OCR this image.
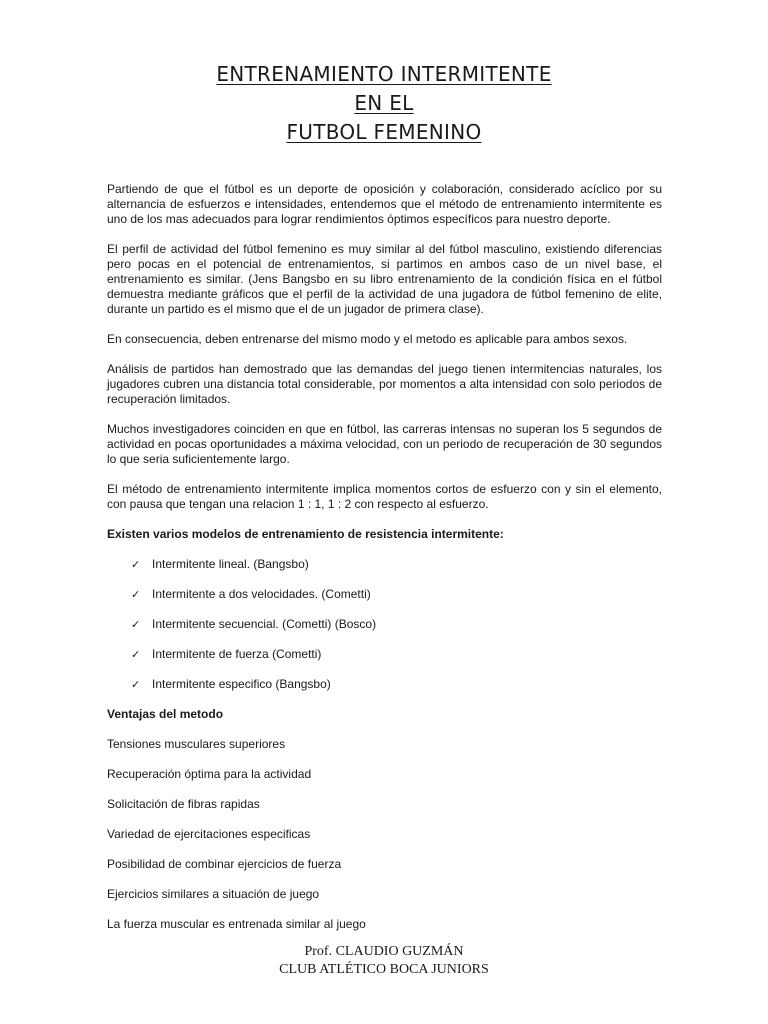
ENTRENAMIENTO INTERMITENTE
EN EL
FUTBOL FEMENINO

Partiendo de que el fútbol es un deporte de oposición y colaboración, considerado acíclico por su alternancia de esfuerzos e intensidades, entendemos que el método de entrenamiento intermitente es uno de los mas adecuados para lograr rendimientos óptimos específicos para nuestro deporte.

El perfil de actividad del fútbol femenino es muy similar al del fútbol masculino, existiendo diferencias pero pocas en el potencial de entrenamientos, si partimos en ambos caso de un nivel base, el entrenamiento es similar. (Jens Bangsbo en su libro entrenamiento de la condición física en el fútbol demuestra mediante gráficos que el perfil de la actividad de una jugadora de fútbol femenino de elite, durante un partido es el mismo que el de un jugador de primera clase).

En consecuencia, deben entrenarse del mismo modo y el metodo es aplicable para ambos sexos.

Análisis de partidos han demostrado que las demandas del juego tienen intermitencias naturales, los jugadores cubren una distancia total considerable, por momentos a alta intensidad con solo periodos de recuperación limitados.

Muchos investigadores coinciden en que en fútbol, las carreras intensas no superan los 5 segundos de actividad en pocas oportunidades a máxima velocidad, con un periodo de recuperación de 30 segundos lo que seria suficientemente largo.

El método de entrenamiento intermitente implica momentos cortos de esfuerzo con y sin el elemento, con pausa que tengan una relacion 1 : 1, 1 : 2 con respecto al esfuerzo.

Existen varios modelos de entrenamiento de resistencia intermitente:
✓ Intermitente lineal. (Bangsbo)
✓ Intermitente a dos velocidades. (Cometti)
✓ Intermitente secuencial. (Cometti) (Bosco)
✓ Intermitente de fuerza (Cometti)
✓ Intermitente especifico (Bangsbo)
Ventajas del metodo
Tensiones musculares superiores
Recuperación óptima para la actividad
Solicitación de fibras rapidas
Variedad de ejercitaciones especificas
Posibilidad de combinar ejercicios de fuerza
Ejercicios similares a situación de juego
La fuerza muscular es entrenada similar al juego
Prof. CLAUDIO GUZMÁN
CLUB ATLÉTICO BOCA JUNIORS
